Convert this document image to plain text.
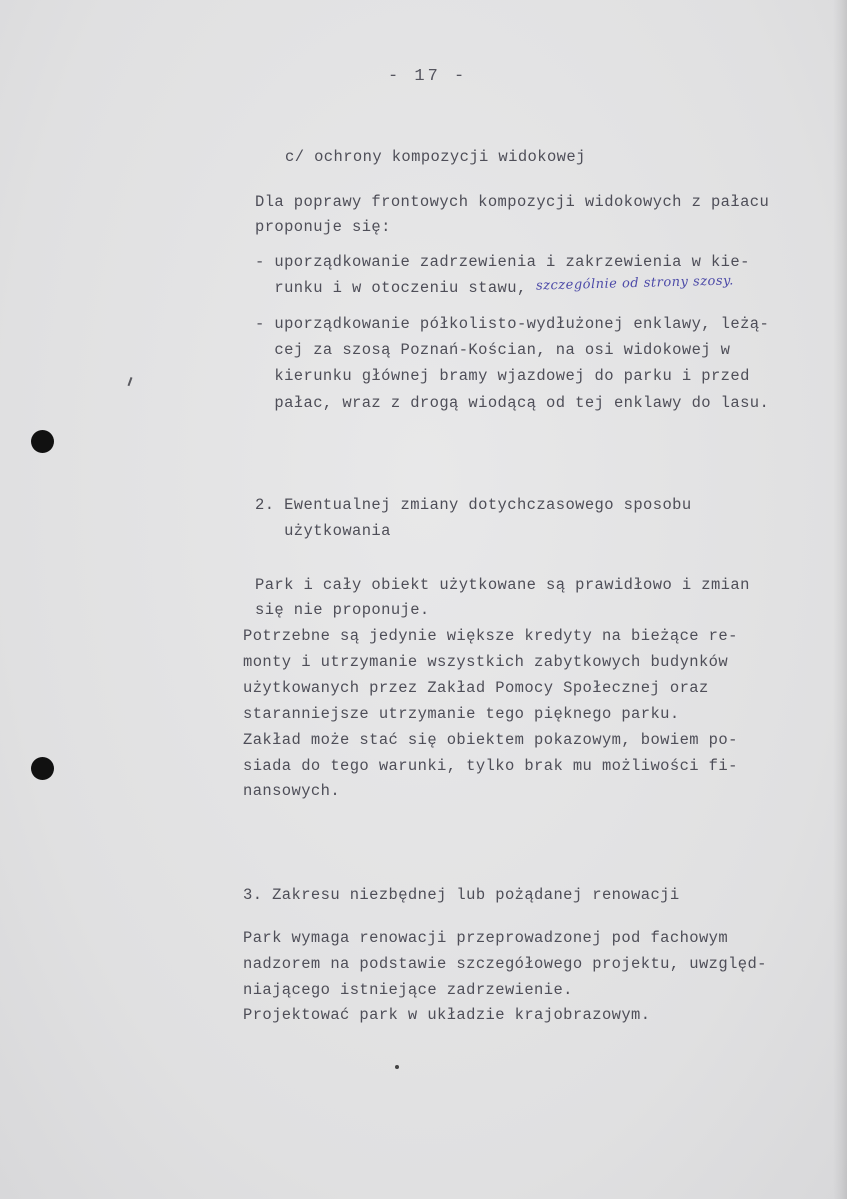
- 17 -
c/ ochrony kompozycji widokowej
Dla poprawy frontowych kompozycji widokowych z pałacu
proponuje się:
- uporządkowanie zadrzewienia i zakrzewienia w kie-
runku i w otoczeniu stawu, szczególnie od strony szosy.
- uporządkowanie półkolisto-wydłużonej enklawy, leżą-
cej za szosą Poznań-Kościan, na osi widokowej w
kierunku głównej bramy wjazdowej do parku i przed
pałac, wraz z drogą wiodącą od tej enklawy do lasu.
2. Ewentualnej zmiany dotychczasowego sposobu
użytkowania
Park i cały obiekt użytkowane są prawidłowo i zmian
się nie proponuje.
Potrzebne są jedynie większe kredyty na bieżące re-
monty i utrzymanie wszystkich zabytkowych budynków
użytkowanych przez Zakład Pomocy Społecznej oraz
staranniejsze utrzymanie tego pięknego parku.
Zakład może stać się obiektem pokazowym, bowiem po-
siada do tego warunki, tylko brak mu możliwości fi-
nansowych.
3. Zakresu niezbędnej lub pożądanej renowacji
Park wymaga renowacji przeprowadzonej pod fachowym
nadzorem na podstawie szczegółowego projektu, uwzględ-
niającego istniejące zadrzewienie.
Projektować park w układzie krajobrazowym.
